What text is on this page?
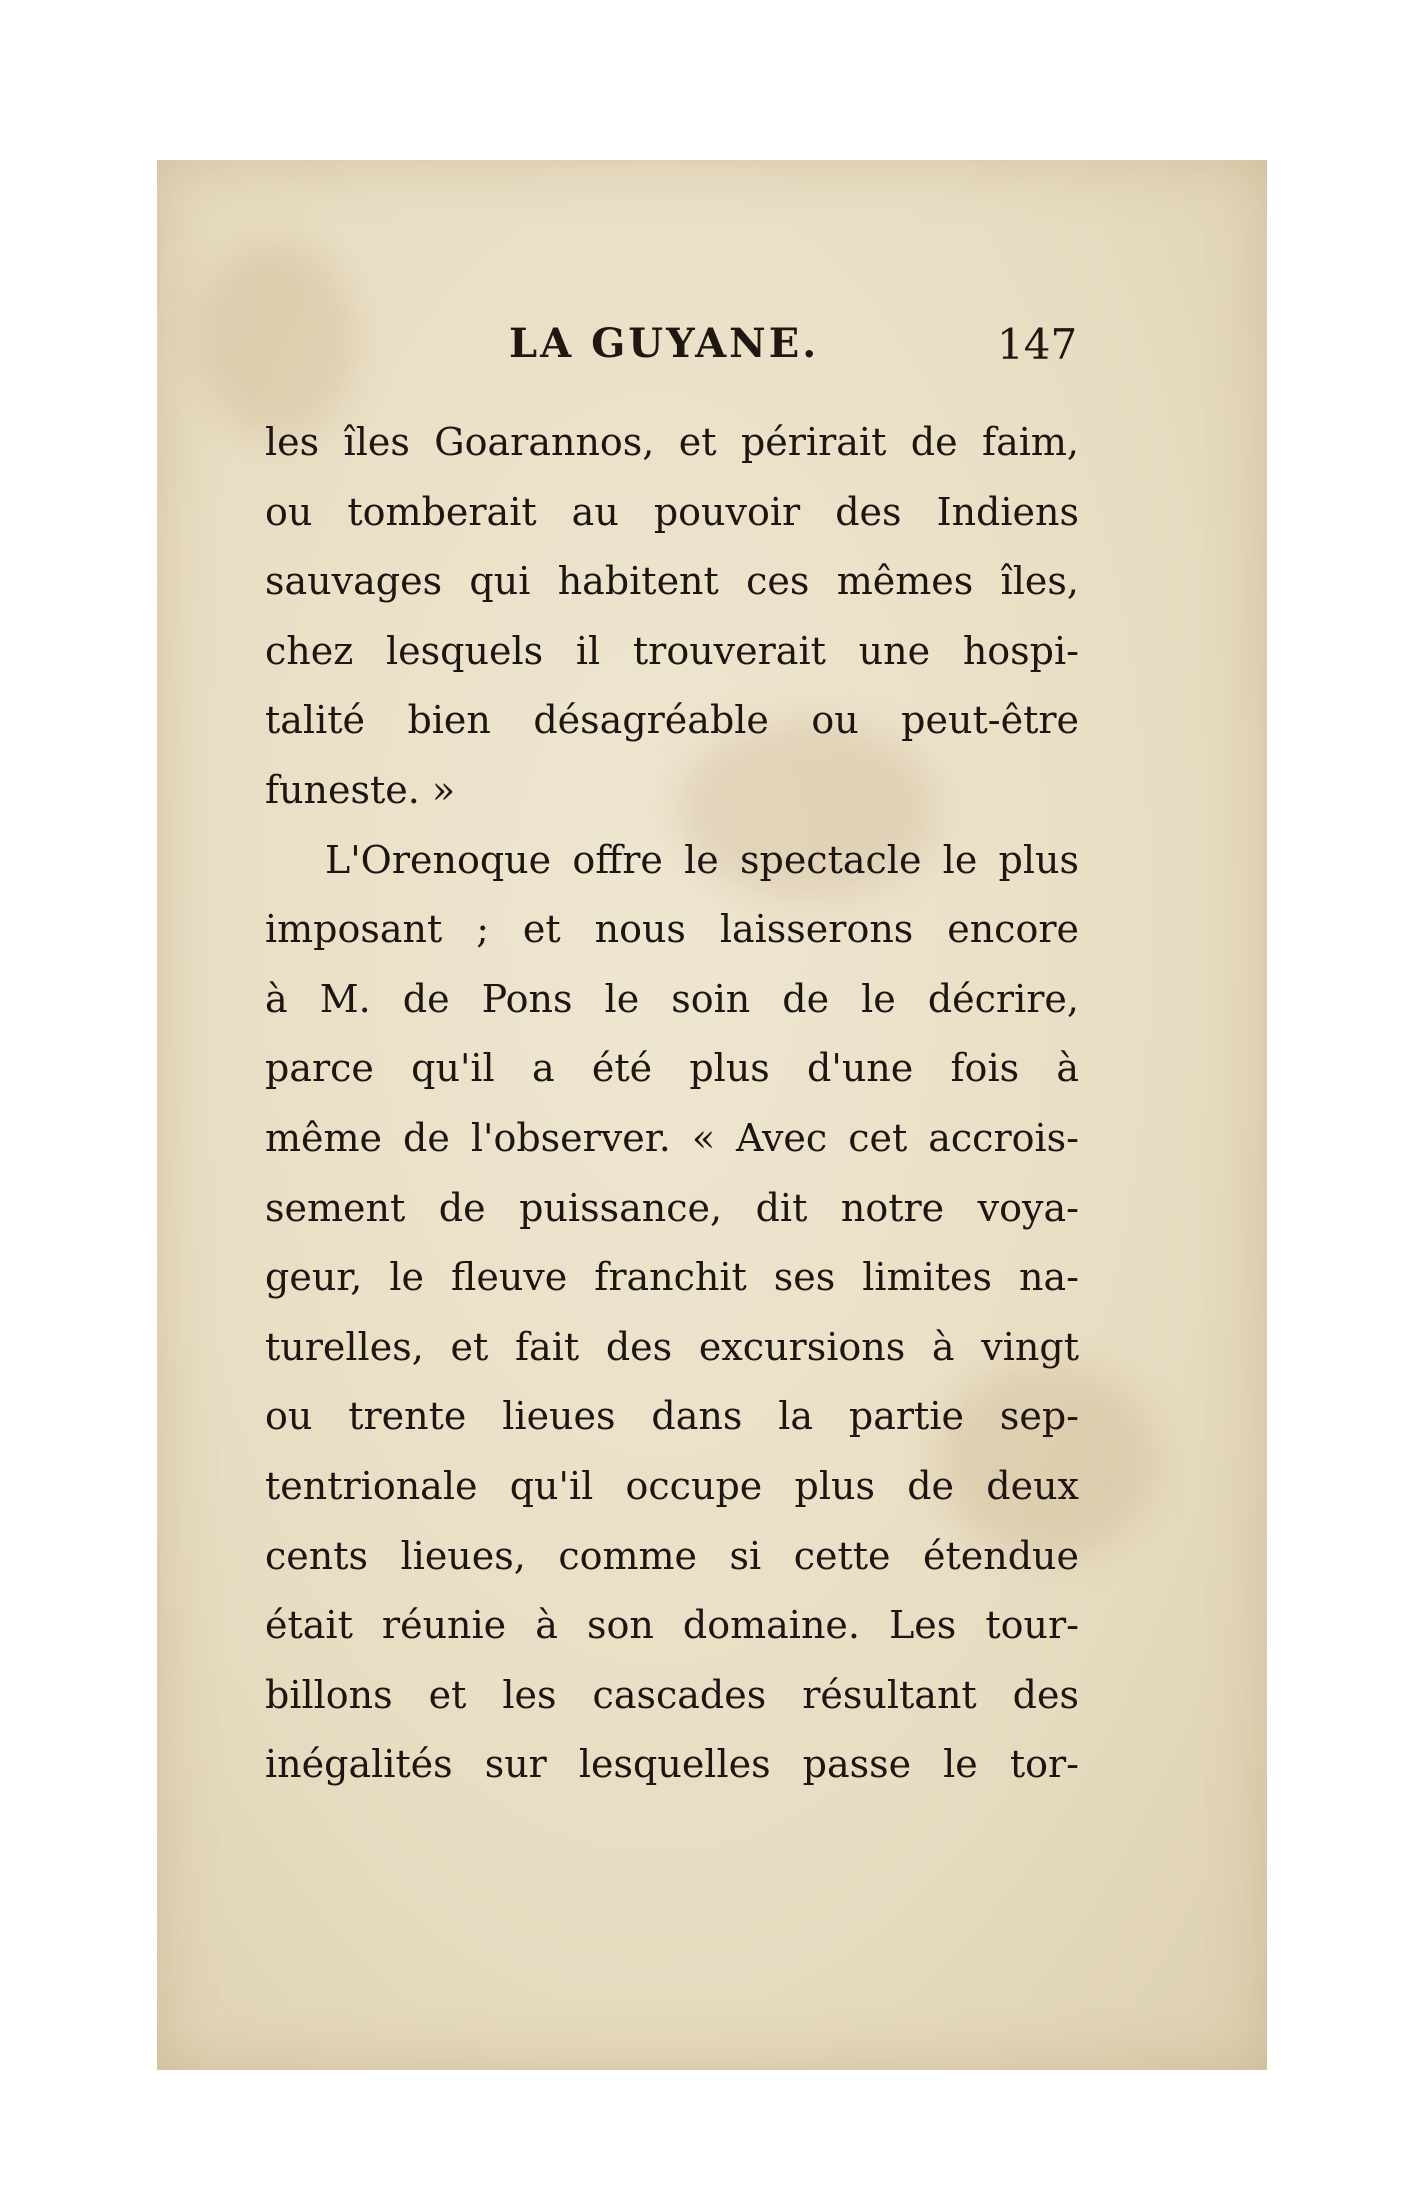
LA GUYANE.	147
les îles Goarannos, et périrait de faim,
ou tomberait au pouvoir des Indiens
sauvages qui habitent ces mêmes îles,
chez lesquels il trouverait une hospi-
talité bien désagréable ou peut-être
funeste. »
L'Orenoque offre le spectacle le plus
imposant ; et nous laisserons encore
à M. de Pons le soin de le décrire,
parce qu'il a été plus d'une fois à
même de l'observer. « Avec cet accrois-
sement de puissance, dit notre voya-
geur, le fleuve franchit ses limites na-
turelles, et fait des excursions à vingt
ou trente lieues dans la partie sep-
tentrionale qu'il occupe plus de deux
cents lieues, comme si cette étendue
était réunie à son domaine. Les tour-
billons et les cascades résultant des
inégalités sur lesquelles passe le tor-
